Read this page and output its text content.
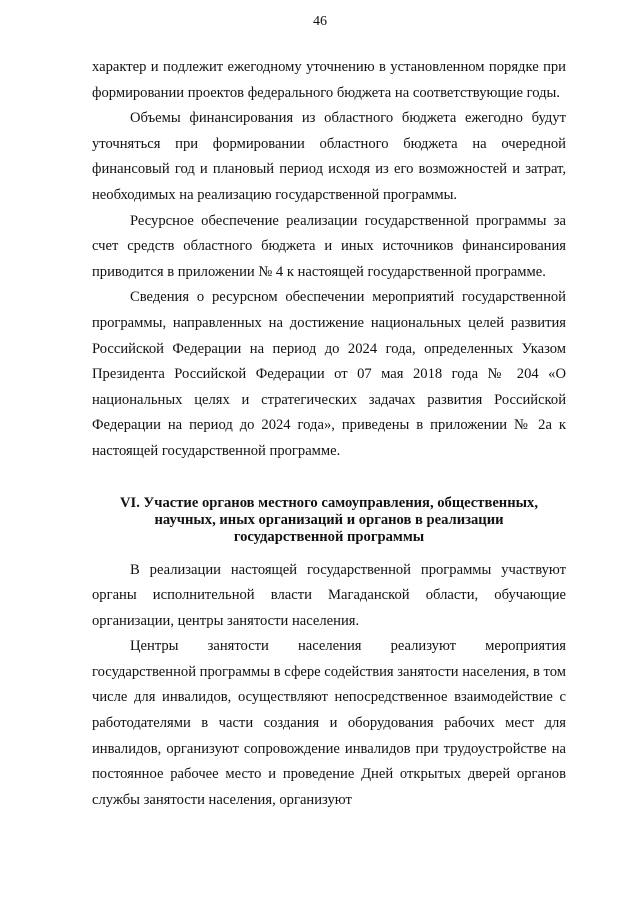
46

характер и подлежит ежегодному уточнению в установленном порядке при формировании проектов федерального бюджета на соответствующие годы.

Объемы финансирования из областного бюджета ежегодно будут уточняться при формировании областного бюджета на очередной финансовый год и плановый период исходя из его возможностей и затрат, необходимых на реализацию государственной программы.

Ресурсное обеспечение реализации государственной программы за счет средств областного бюджета и иных источников финансирования приводится в приложении № 4 к настоящей государственной программе.

Сведения о ресурсном обеспечении мероприятий государственной программы, направленных на достижение национальных целей развития Российской Федерации на период до 2024 года, определенных Указом Президента Российской Федерации от 07 мая 2018 года № 204 «О национальных целях и стратегических задачах развития Российской Федерации на период до 2024 года», приведены в приложении № 2а к настоящей государственной программе.

VI. Участие органов местного самоуправления, общественных,
научных, иных организаций и органов в реализации
государственной программы

В реализации настоящей государственной программы участвуют органы исполнительной власти Магаданской области, обучающие организации, центры занятости населения.

Центры занятости населения реализуют мероприятия государственной программы в сфере содействия занятости населения, в том числе для инвалидов, осуществляют непосредственное взаимодействие с работодателями в части создания и оборудования рабочих мест для инвалидов, организуют сопровождение инвалидов при трудоустройстве на постоянное рабочее место и проведение Дней открытых дверей органов службы занятости населения, организуют
